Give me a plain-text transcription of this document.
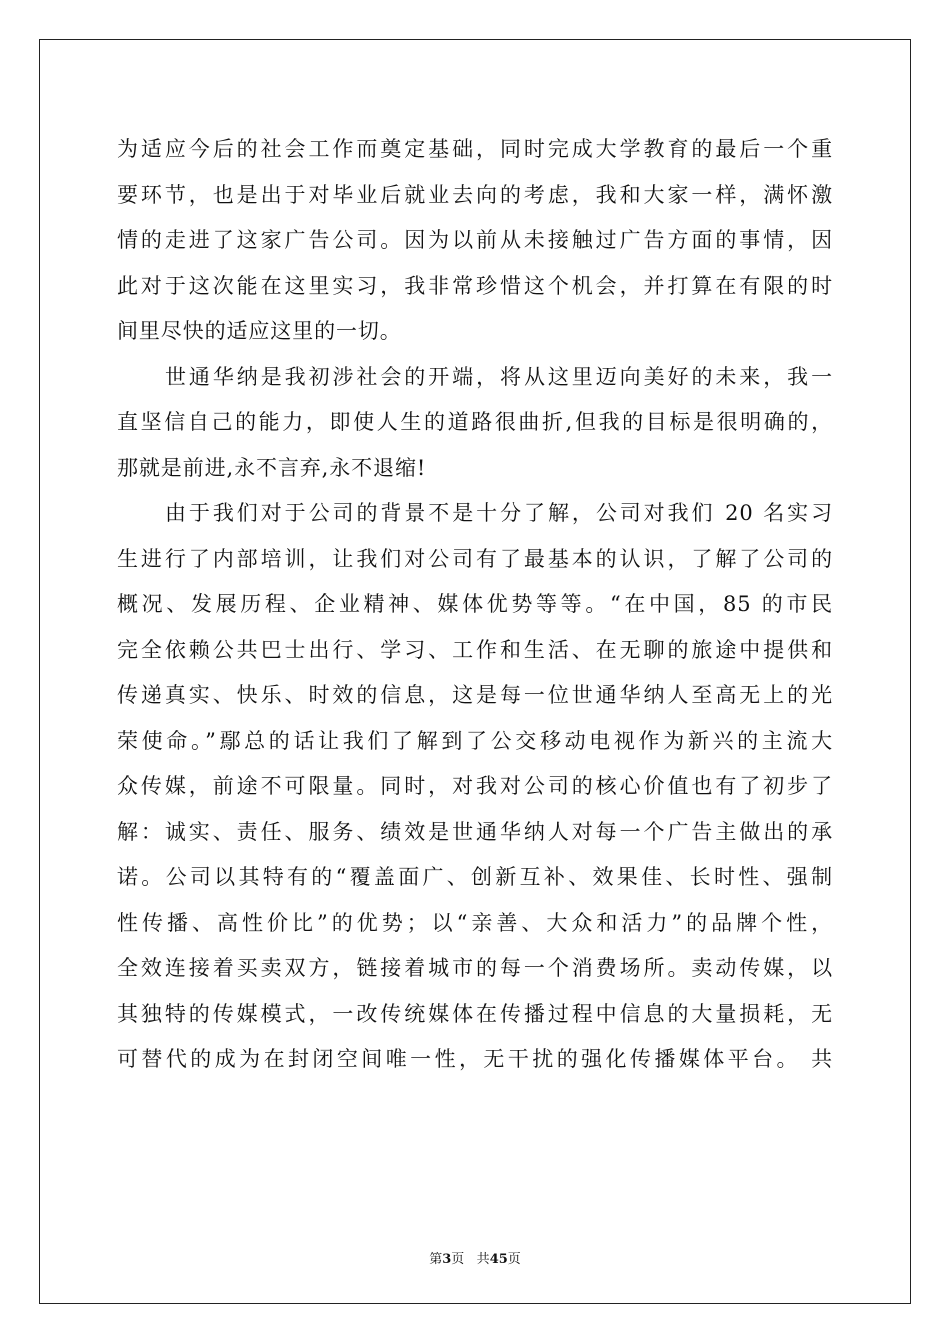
为适应今后的社会工作而奠定基础，同时完成大学教育的最后一个重
要环节，也是出于对毕业后就业去向的考虑，我和大家一样，满怀激
情的走进了这家广告公司。因为以前从未接触过广告方面的事情，因
此对于这次能在这里实习，我非常珍惜这个机会，并打算在有限的时
间里尽快的适应这里的一切。
世通华纳是我初涉社会的开端，将从这里迈向美好的未来，我一
直坚信自己的能力，即使人生的道路很曲折,但我的目标是很明确的，
那就是前进,永不言弃,永不退缩!
由于我们对于公司的背景不是十分了解，公司对我们 20 名实习
生进行了内部培训，让我们对公司有了最基本的认识，了解了公司的
概况、发展历程、企业精神、媒体优势等等。“在中国，85 的市民
完全依赖公共巴士出行、学习、工作和生活、在无聊的旅途中提供和
传递真实、快乐、时效的信息，这是每一位世通华纳人至高无上的光
荣使命。”鄢总的话让我们了解到了公交移动电视作为新兴的主流大
众传媒，前途不可限量。同时，对我对公司的核心价值也有了初步了
解：诚实、责任、服务、绩效是世通华纳人对每一个广告主做出的承
诺。公司以其特有的“覆盖面广、创新互补、效果佳、长时性、强制
性传播、高性价比”的优势；以“亲善、大众和活力”的品牌个性，
全效连接着买卖双方，链接着城市的每一个消费场所。卖动传媒，以
其独特的传媒模式，一改传统媒体在传播过程中信息的大量损耗，无
可替代的成为在封闭空间唯一性，无干扰的强化传播媒体平台。 共
第3页 共45页
